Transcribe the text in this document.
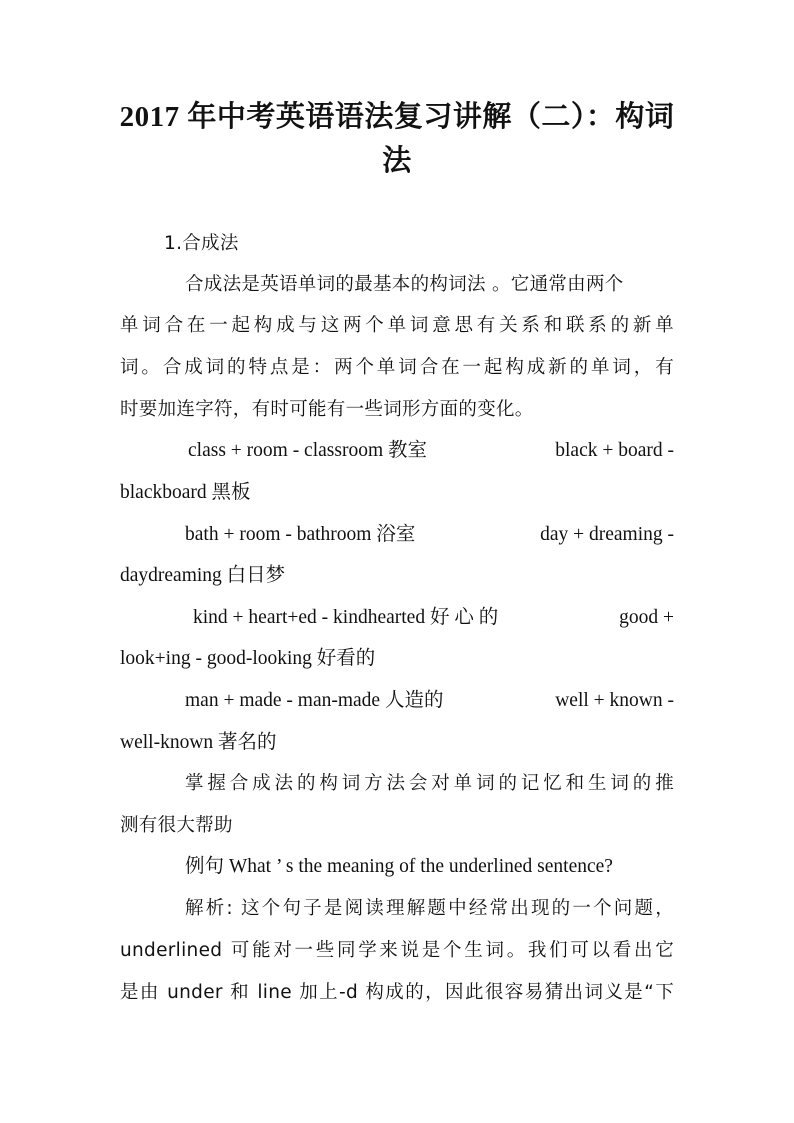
2017 年中考英语语法复习讲解（二）：构词
法

1.合成法

合成法是英语单词的最基本的构词法 。它通常由两个

单词合在一起构成与这两个单词意思有关系和联系的新单

词。合成词的特点是：两个单词合在一起构成新的单词，有

时要加连字符，有时可能有一些词形方面的变化。

class + room - classroom 教室	black + board -

blackboard 黑板

bath + room - bathroom 浴室	day + dreaming -

daydreaming 白日梦

kind + heart+ed - kindhearted 好 心 的	good +

look+ing - good-looking 好看的

man + made - man-made 人造的	well + known -

well-known 著名的

掌握合成法的构词方法会对单词的记忆和生词的推

测有很大帮助

例句 What ’ s the meaning of the underlined sentence?

解析: 这个句子是阅读理解题中经常出现的一个问题，

underlined 可能对一些同学来说是个生词。我们可以看出它

是由 under 和 line 加上-d 构成的，因此很容易猜出词义是“下
